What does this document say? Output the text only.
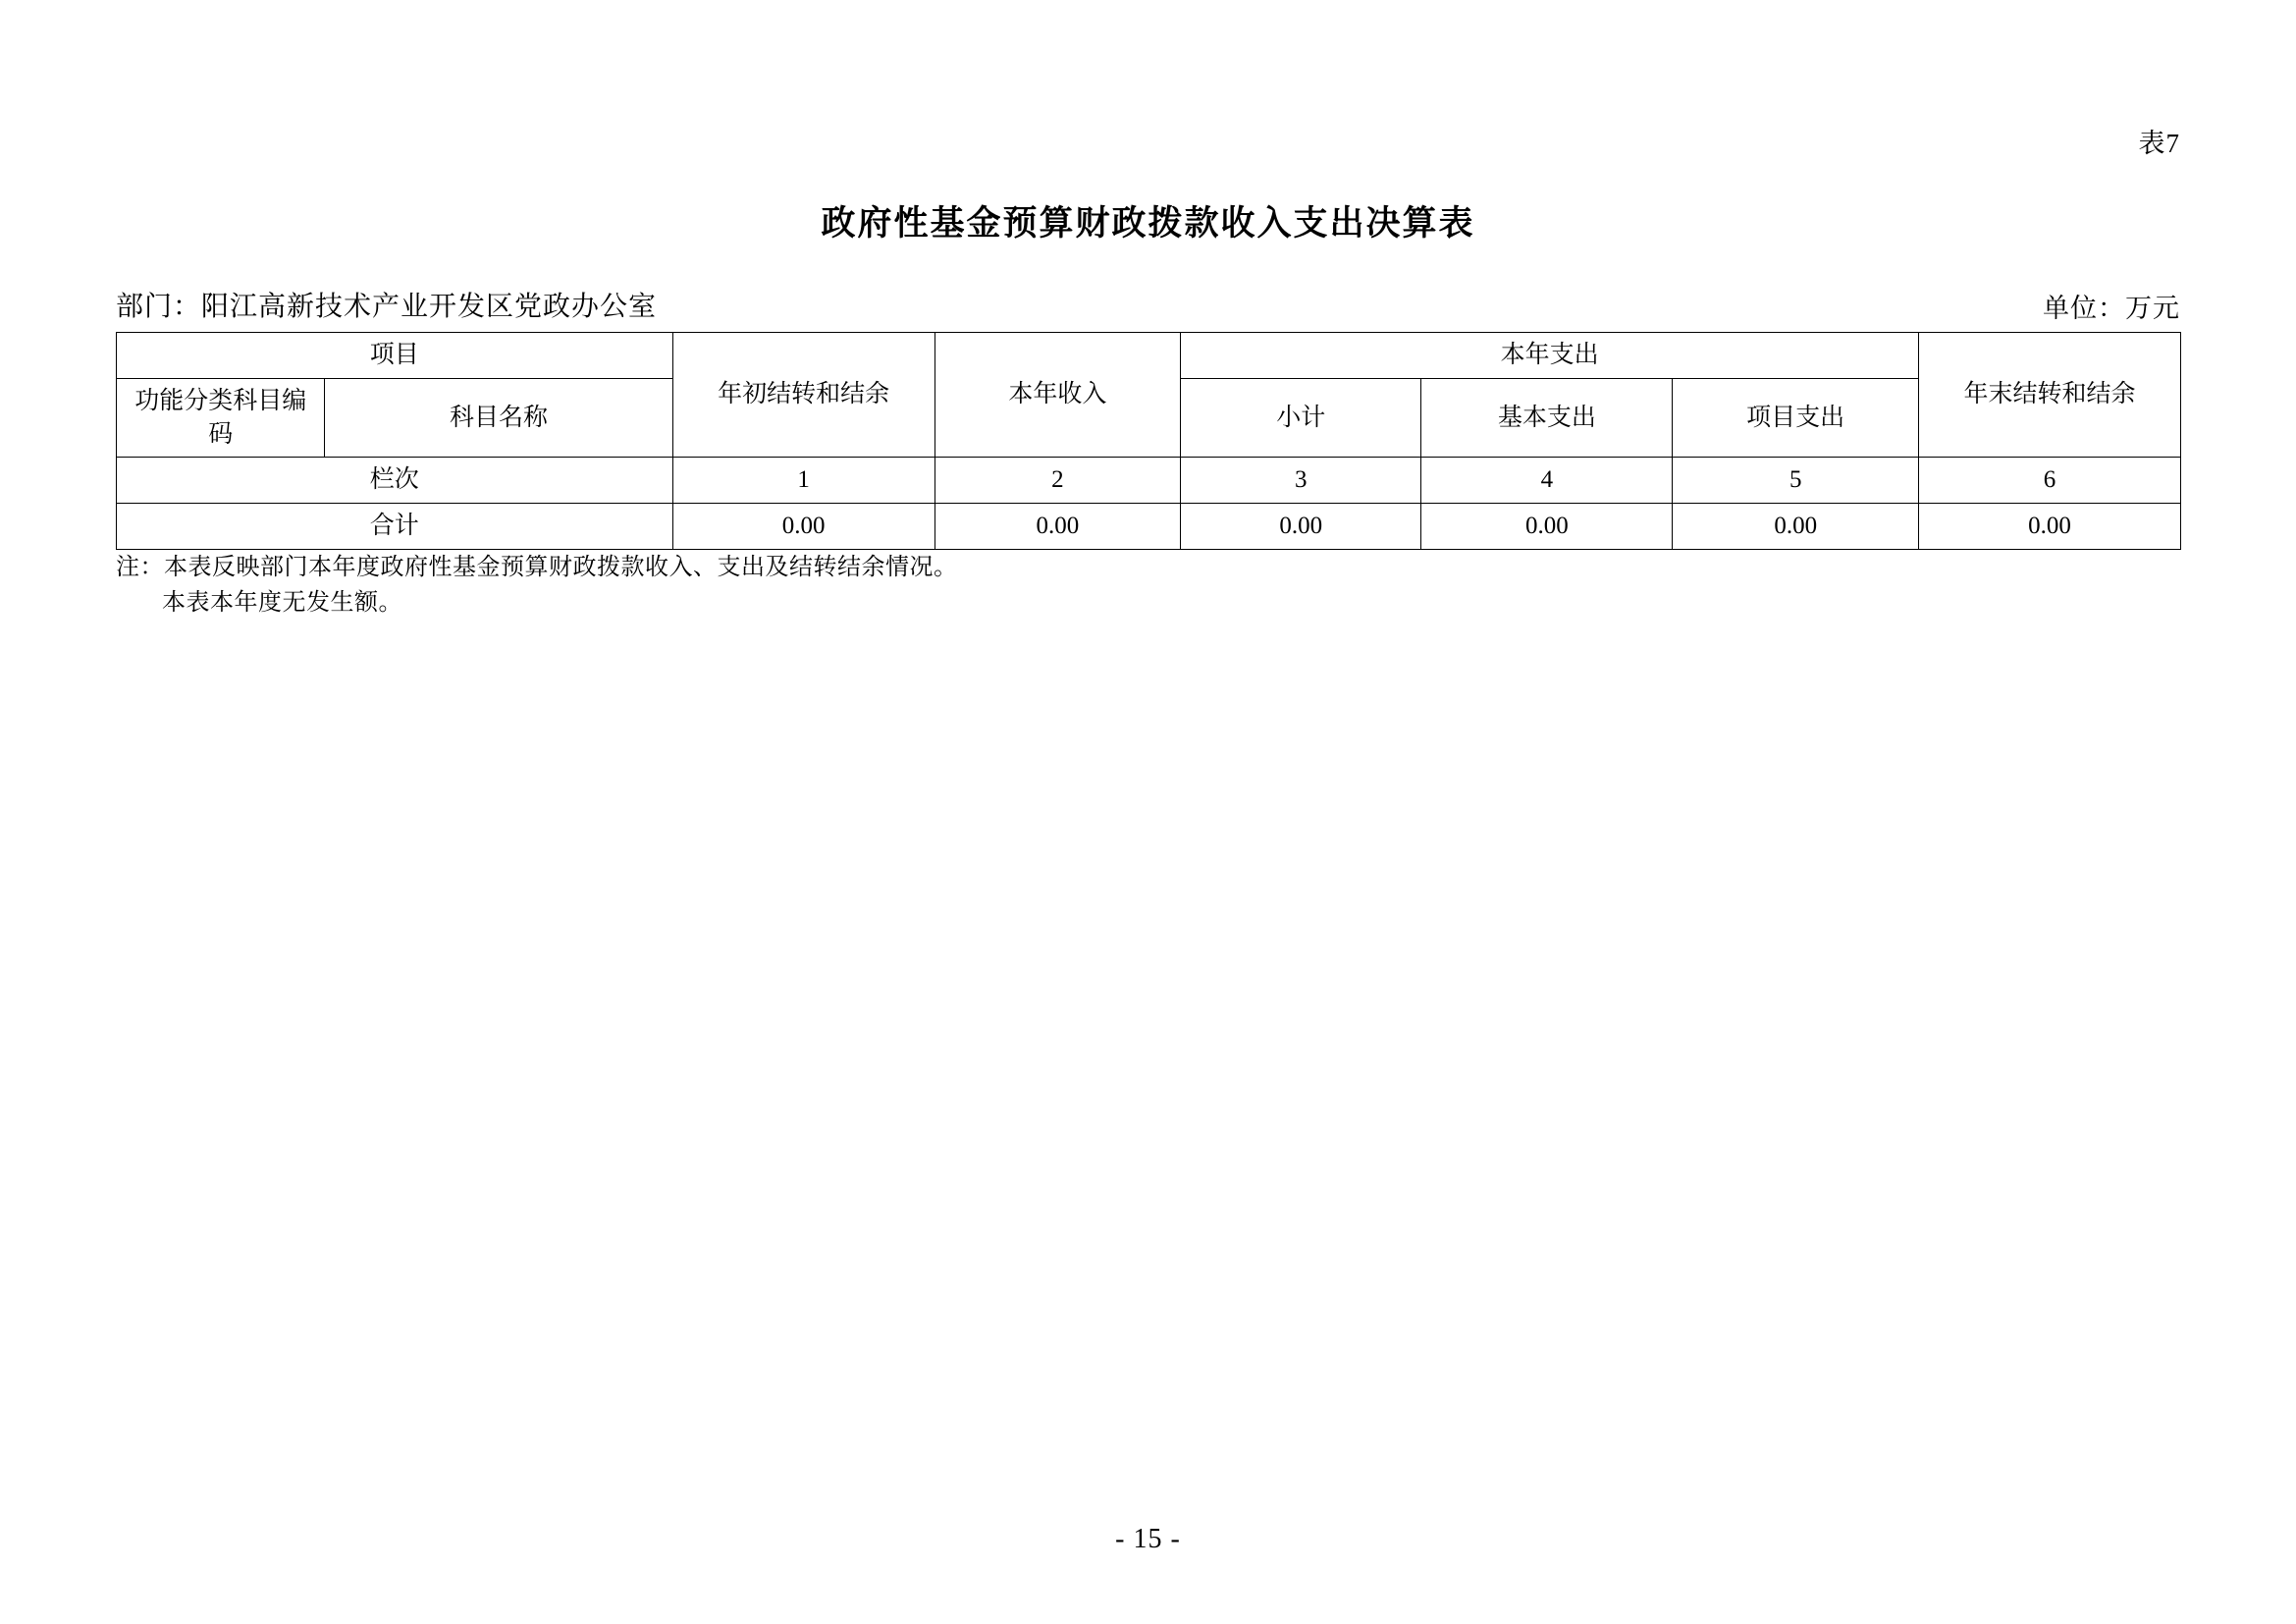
表7
政府性基金预算财政拨款收入支出决算表
部门：阳江高新技术产业开发区党政办公室	单位：万元
项目		年初结转和结余	本年收入	本年支出			年末结转和结余
功能分类科目编码	科目名称			小计	基本支出	项目支出	
栏次		1	2	3	4	5	6
合计		0.00	0.00	0.00	0.00	0.00	0.00
注：本表反映部门本年度政府性基金预算财政拨款收入、支出及结转结余情况。
本表本年度无发生额。
- 15 -
